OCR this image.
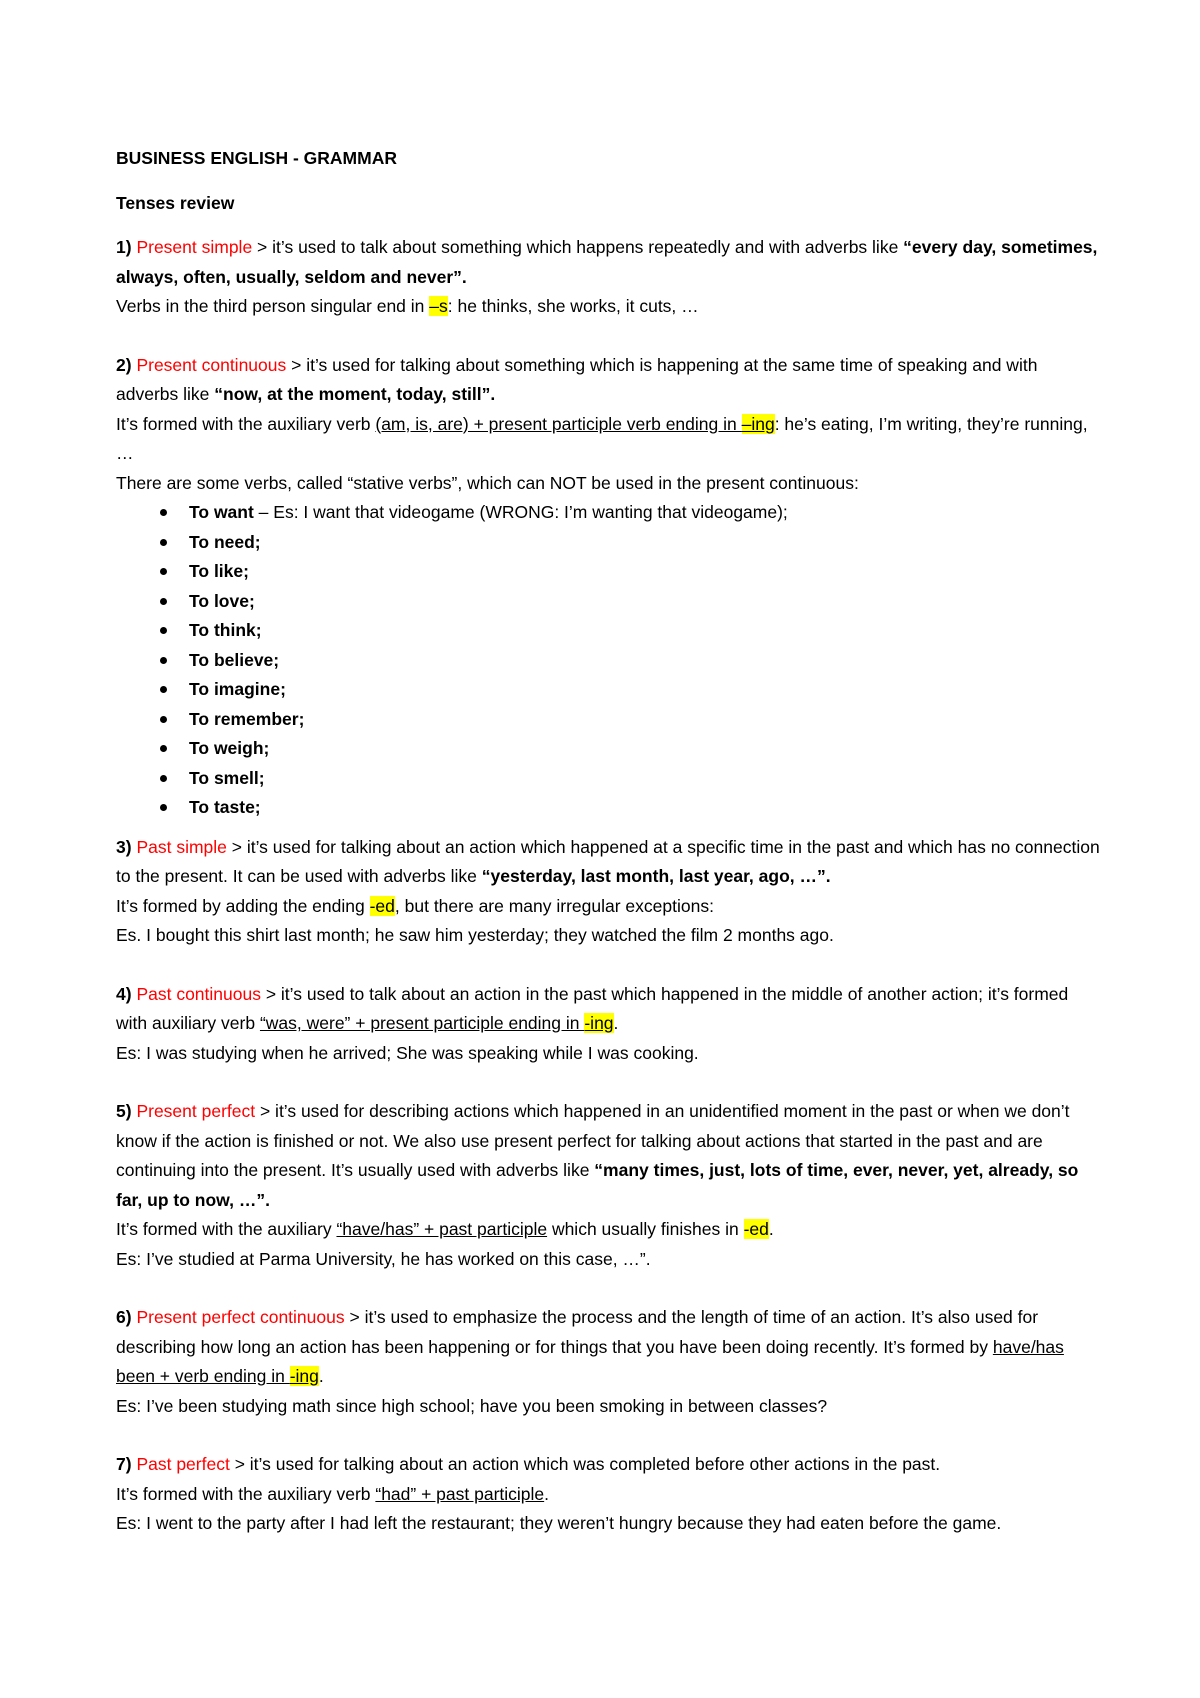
BUSINESS ENGLISH - GRAMMAR

Tenses review

1) Present simple > it’s used to talk about something which happens repeatedly and with adverbs like “every day, sometimes, always, often, usually, seldom and never”.

Verbs in the third person singular end in –s: he thinks, she works, it cuts, …

2) Present continuous > it’s used for talking about something which is happening at the same time of speaking and with adverbs like “now, at the moment, today, still”.

It’s formed with the auxiliary verb (am, is, are) + present participle verb ending in –ing: he’s eating, I’m writing, they’re running, …

There are some verbs, called “stative verbs”, which can NOT be used in the present continuous:

To want – Es: I want that videogame (WRONG: I’m wanting that videogame);
To need;
To like;
To love;
To think;
To believe;
To imagine;
To remember;
To weigh;
To smell;
To taste;

3) Past simple > it’s used for talking about an action which happened at a specific time in the past and which has no connection to the present. It can be used with adverbs like “yesterday, last month, last year, ago, …”.

It’s formed by adding the ending -ed, but there are many irregular exceptions:

Es. I bought this shirt last month; he saw him yesterday; they watched the film 2 months ago.

4) Past continuous > it’s used to talk about an action in the past which happened in the middle of another action; it’s formed with auxiliary verb “was, were” + present participle ending in -ing.

Es: I was studying when he arrived; She was speaking while I was cooking.

5) Present perfect > it’s used for describing actions which happened in an unidentified moment in the past or when we don’t know if the action is finished or not. We also use present perfect for talking about actions that started in the past and are continuing into the present. It’s usually used with adverbs like “many times, just, lots of time, ever, never, yet, already, so far, up to now, …”.

It’s formed with the auxiliary “have/has” + past participle which usually finishes in -ed.

Es: I’ve studied at Parma University, he has worked on this case, …”.

6) Present perfect continuous > it’s used to emphasize the process and the length of time of an action. It’s also used for describing how long an action has been happening or for things that you have been doing recently. It’s formed by have/has been + verb ending in -ing.

Es: I’ve been studying math since high school; have you been smoking in between classes?

7) Past perfect > it’s used for talking about an action which was completed before other actions in the past.

It’s formed with the auxiliary verb “had” + past participle.

Es: I went to the party after I had left the restaurant; they weren’t hungry because they had eaten before the game.
